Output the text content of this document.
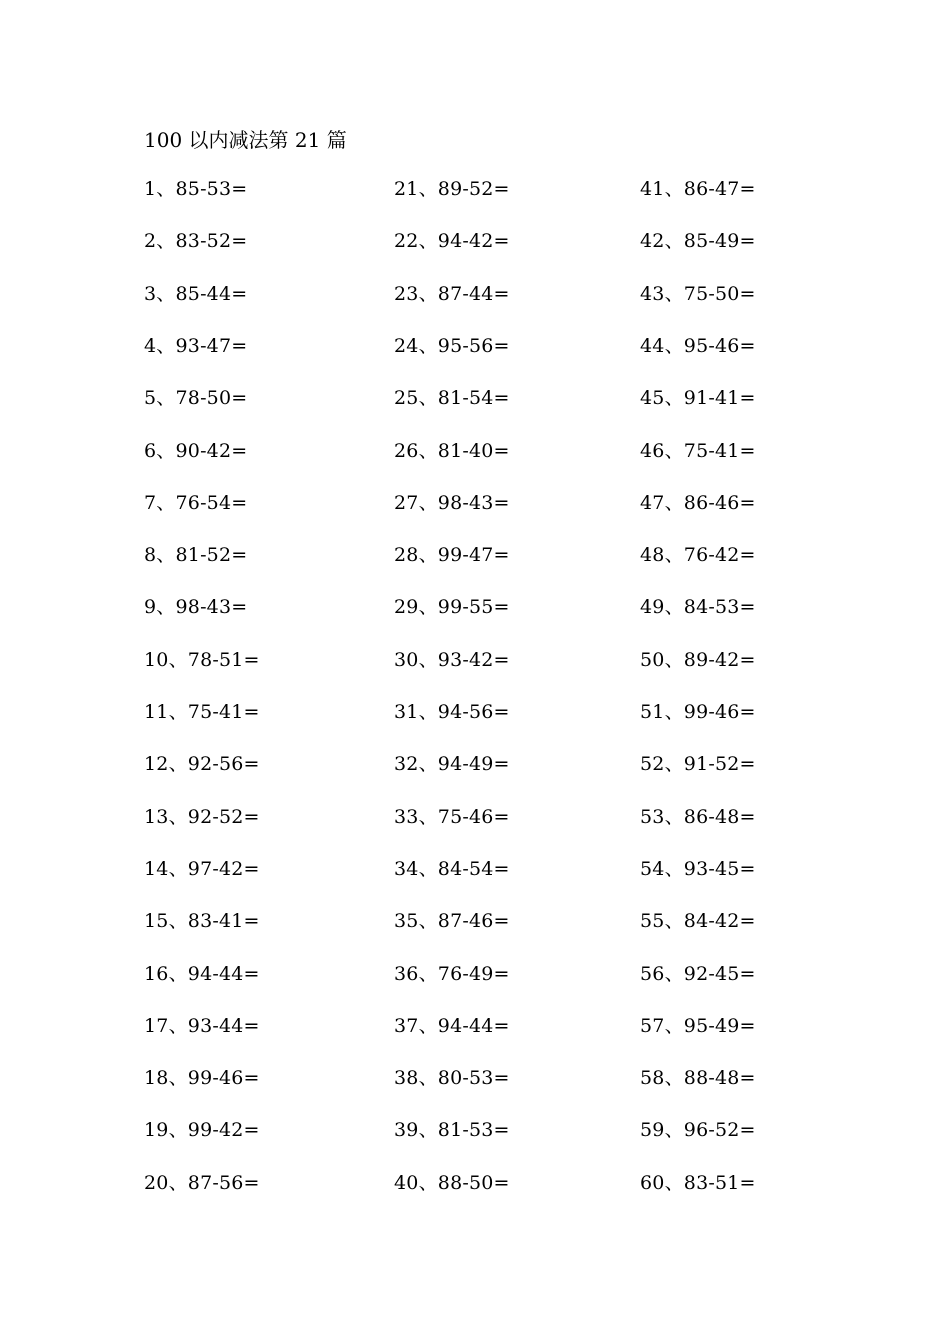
100 以内减法第 21 篇
1、85-53=
2、83-52=
3、85-44=
4、93-47=
5、78-50=
6、90-42=
7、76-54=
8、81-52=
9、98-43=
10、78-51=
11、75-41=
12、92-56=
13、92-52=
14、97-42=
15、83-41=
16、94-44=
17、93-44=
18、99-46=
19、99-42=
20、87-56=
21、89-52=
22、94-42=
23、87-44=
24、95-56=
25、81-54=
26、81-40=
27、98-43=
28、99-47=
29、99-55=
30、93-42=
31、94-56=
32、94-49=
33、75-46=
34、84-54=
35、87-46=
36、76-49=
37、94-44=
38、80-53=
39、81-53=
40、88-50=
41、86-47=
42、85-49=
43、75-50=
44、95-46=
45、91-41=
46、75-41=
47、86-46=
48、76-42=
49、84-53=
50、89-42=
51、99-46=
52、91-52=
53、86-48=
54、93-45=
55、84-42=
56、92-45=
57、95-49=
58、88-48=
59、96-52=
60、83-51=
